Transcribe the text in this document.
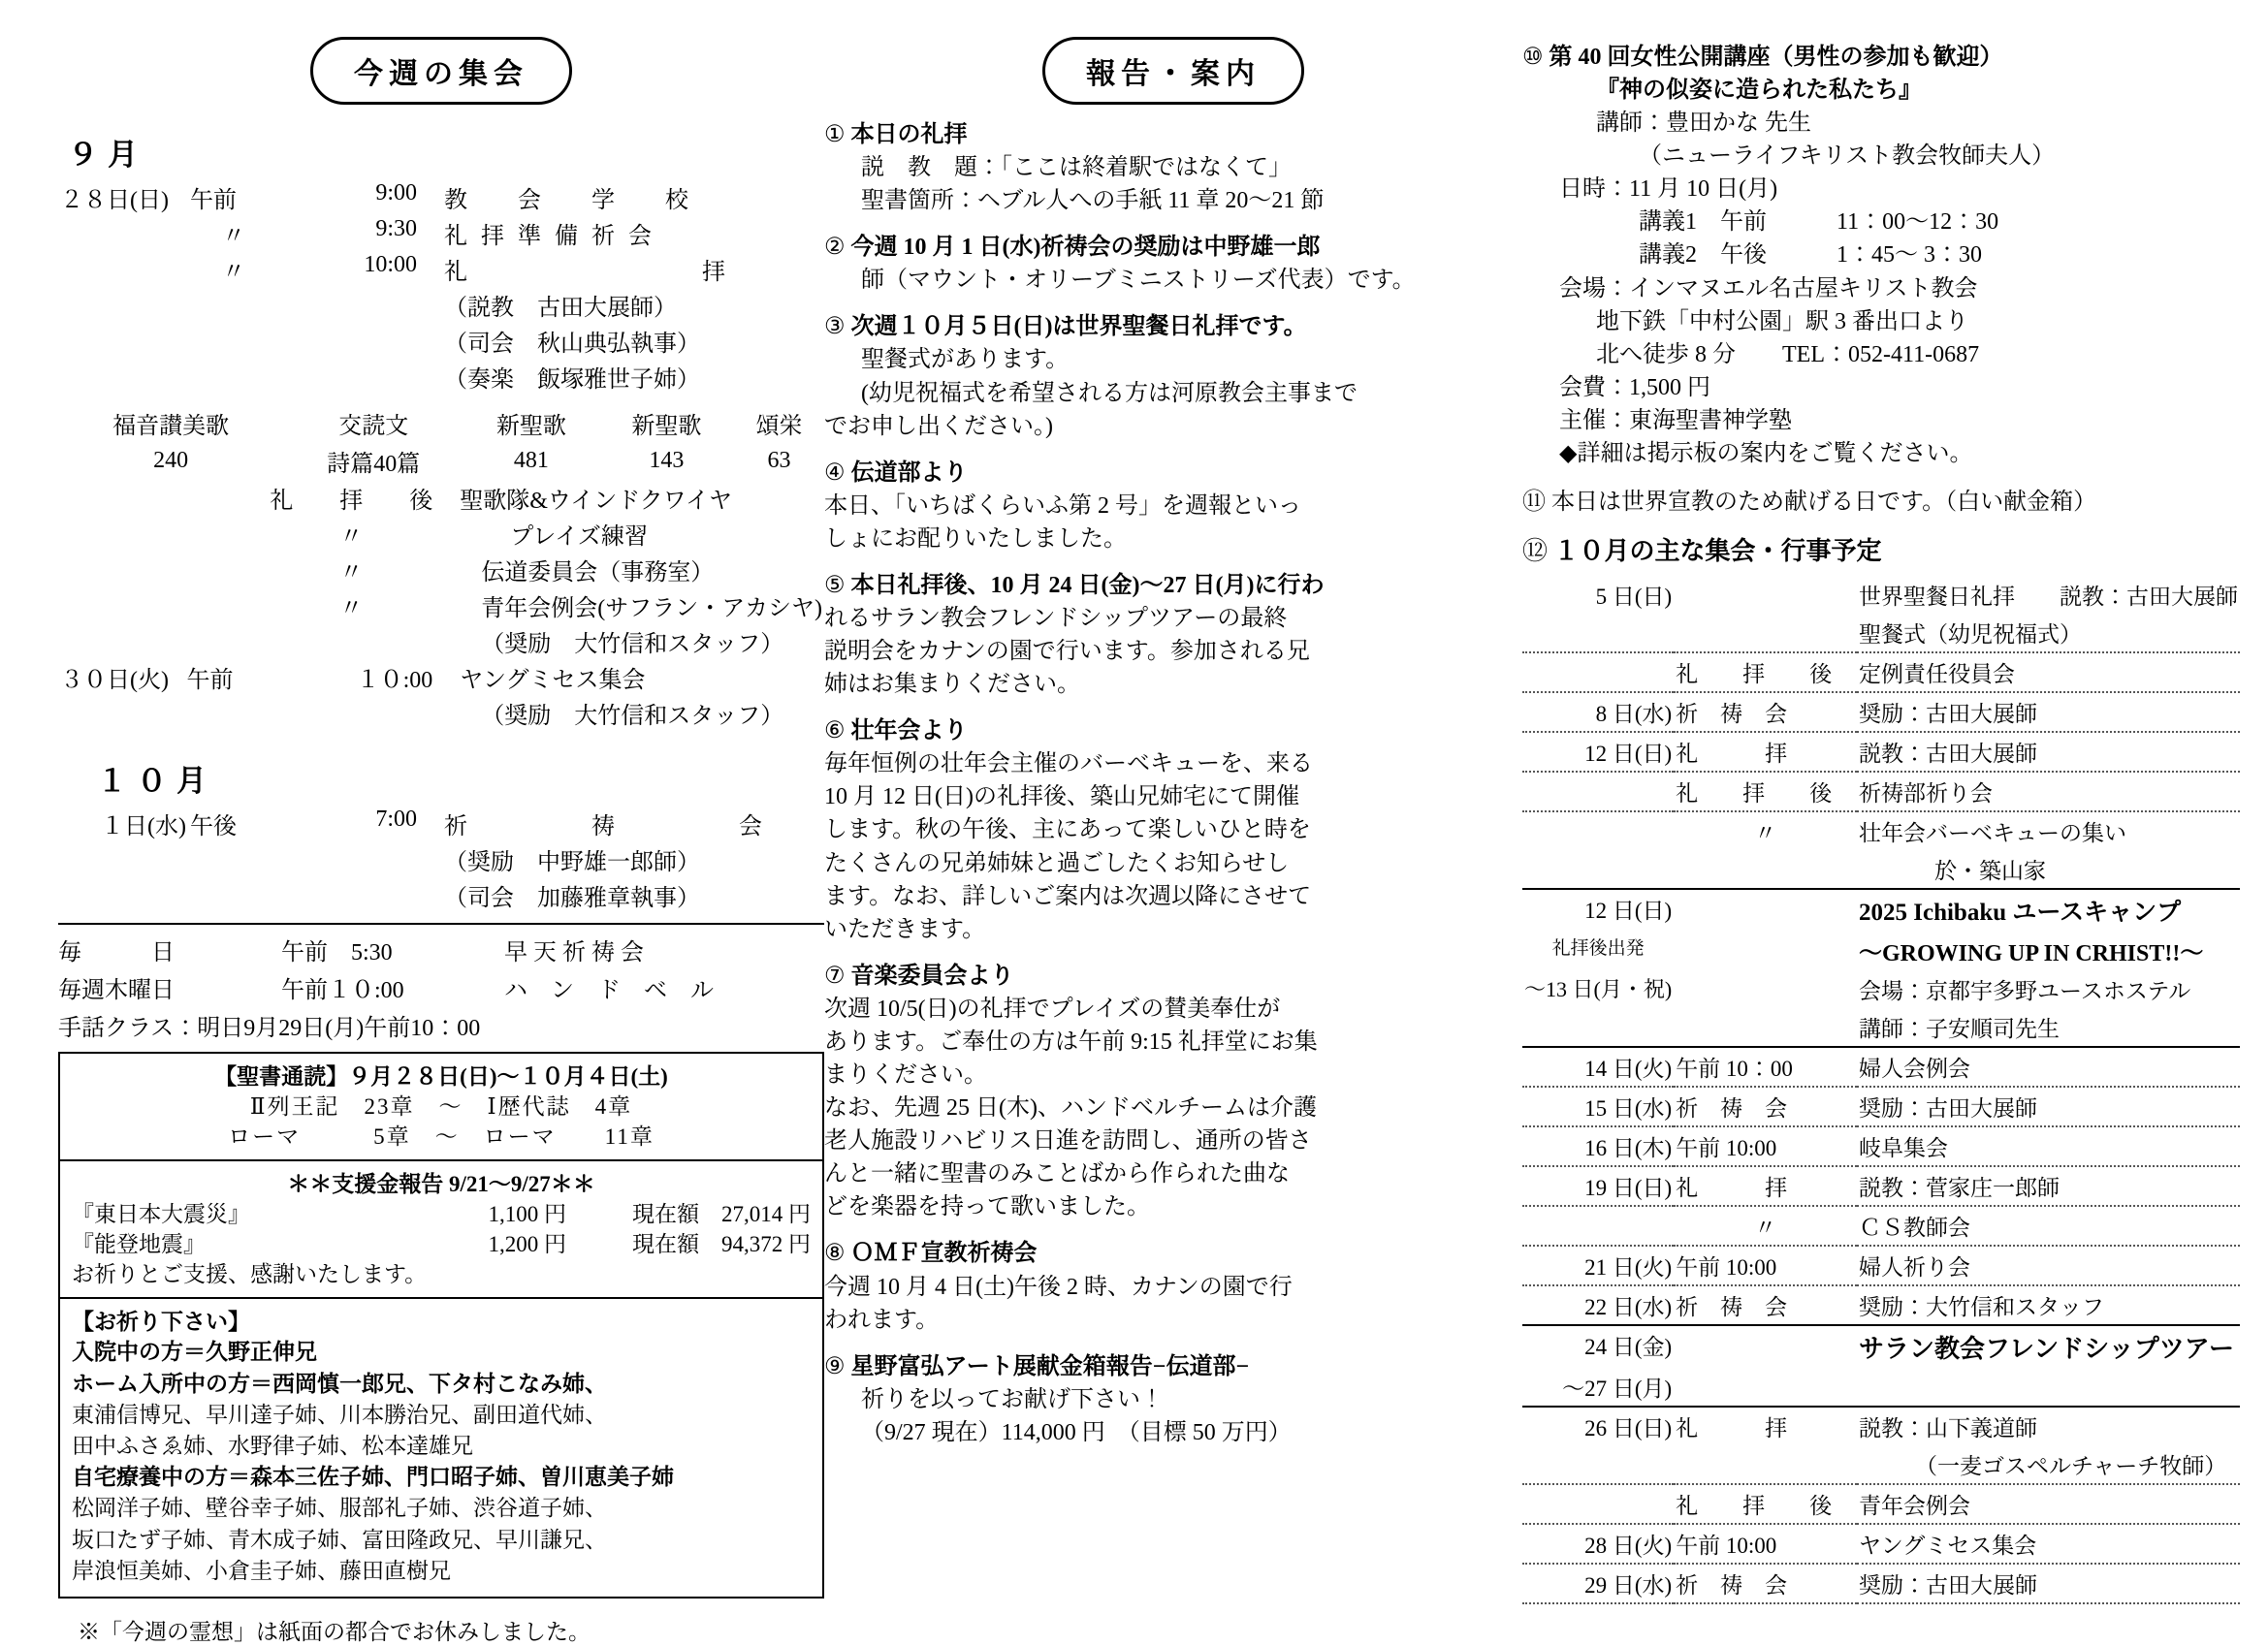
今週の集会
９月
２８日(日)	午前	9:00	教　会　学　校
	〃	9:30	礼 拝 準 備 祈 会
	〃	10:00	礼　　　　　　拝
			（説教　古田大展師）
			（司会　秋山典弘執事）
			（奏楽　飯塚雅世子姉）
福音讃美歌	交読文	新聖歌	新聖歌	頌栄
240	詩篇40篇	481	143	63
		礼　　拝　　後	聖歌隊&ウインドクワイヤ
		〃	プレイズ練習
		〃	伝道委員会（事務室）
		〃	青年会例会(サフラン・アカシヤ)
			（奨励　大竹信和スタッフ）
３０日(火)	午前	１０:00	ヤングミセス集会
			（奨励　大竹信和スタッフ）
１０月
１日(水)	午後	7:00	祈　　　祷　　　会
			（奨励　中野雄一郎師）
			（司会　加藤雅章執事）
毎　　　日	午前　5:30	早 天 祈 祷 会
毎週木曜日	午前１０:00	ハ　ン　ド　ベ　ル
手話クラス：明日9月29日(月)午前10：00
【聖書通読】９月２８日(日)〜１０月４日(土)
Ⅱ列王記　23章　〜　Ⅰ歴代誌　4章
ローマ　　　5章　〜　ローマ　　11章
＊＊支援金報告 9/21〜9/27＊＊
『東日本大震災』	1,100 円	現在額　27,014 円
『能登地震』	1,200 円	現在額　94,372 円
お祈りとご支援、感謝いたします。
【お祈り下さい】
入院中の方＝久野正伸兄
ホーム入所中の方＝西岡慎一郎兄、下タ村こなみ姉、
東浦信博兄、早川達子姉、川本勝治兄、副田道代姉、
田中ふさゑ姉、水野律子姉、松本達雄兄
自宅療養中の方＝森本三佐子姉、門口昭子姉、曽川恵美子姉
松岡洋子姉、壁谷幸子姉、服部礼子姉、渋谷道子姉、
坂口たず子姉、青木成子姉、富田隆政兄、早川謙兄、
岸浪恒美姉、小倉圭子姉、藤田直樹兄
※「今週の霊想」は紙面の都合でお休みしました。
報告・案内
① 本日の礼拝
説　教　題：「ここは終着駅ではなくて」
聖書箇所：ヘブル人への手紙 11 章 20〜21 節
② 今週 10 月 1 日(水)祈祷会の奨励は中野雄一郎
師（マウント・オリーブミニストリーズ代表）です。
③ 次週１０月５日(日)は世界聖餐日礼拝です。
聖餐式があります。
(幼児祝福式を希望される方は河原教会主事まで
でお申し出ください。)
④ 伝道部より
本日、「いちばくらいふ第 2 号」を週報といっ
しょにお配りいたしました。
⑤ 本日礼拝後、10 月 24 日(金)〜27 日(月)に行わ
れるサラン教会フレンドシップツアーの最終
説明会をカナンの園で行います。参加される兄
姉はお集まりください。
⑥ 壮年会より
毎年恒例の壮年会主催のバーベキューを、来る
10 月 12 日(日)の礼拝後、築山兄姉宅にて開催
します。秋の午後、主にあって楽しいひと時を
たくさんの兄弟姉妹と過ごしたくお知らせし
ます。なお、詳しいご案内は次週以降にさせて
いただきます。
⑦ 音楽委員会より
次週 10/5(日)の礼拝でプレイズの賛美奉仕が
あります。ご奉仕の方は午前 9:15 礼拝堂にお集
まりください。
なお、先週 25 日(木)、ハンドベルチームは介護
老人施設リハビリス日進を訪問し、通所の皆さ
んと一緒に聖書のみことばから作られた曲な
どを楽器を持って歌いました。
⑧ ＯＭＦ宣教祈祷会
今週 10 月 4 日(土)午後 2 時、カナンの園で行
われます。
⑨ 星野富弘アート展献金箱報告−伝道部−
祈りを以ってお献げ下さい！
（9/27 現在）114,000 円　（目標 50 万円）
⑩ 第 40 回女性公開講座（男性の参加も歓迎）
『神の似姿に造られた私たち』
講師：豊田かな 先生
（ニューライフキリスト教会牧師夫人）
日時：11 月 10 日(月)
講義1　午前　　　11：00〜12：30
講義2　午後　　　1：45〜 3：30
会場：インマヌエル名古屋キリスト教会
地下鉄「中村公園」駅 3 番出口より
北へ徒歩 8 分　　TEL：052-411-0687
会費：1,500 円
主催：東海聖書神学塾
◆詳細は掲示板の案内をご覧ください。
⑪ 本日は世界宣教のため献げる日です。（白い献金箱）
⑫ １０月の主な集会・行事予定
5 日(日)		世界聖餐日礼拝　　説教：古田大展師
		聖餐式（幼児祝福式）
	礼　　拝　　後	定例責任役員会
8 日(水)	祈　祷　会	奨励：古田大展師
12 日(日)	礼　　　拝	説教：古田大展師
	礼　　拝　　後	祈祷部祈り会
	〃	壮年会バーベキューの集い
		於・築山家
12 日(日)		2025 Ichibaku ユースキャンプ
礼拝後出発		〜GROWING UP IN CRHIST!!〜
〜13 日(月・祝)		会場：京都宇多野ユースホステル
		講師：子安順司先生
14 日(火)	午前 10：00	婦人会例会
15 日(水)	祈　祷　会	奨励：古田大展師
16 日(木)	午前 10:00	岐阜集会
19 日(日)	礼　　　拝	説教：菅家庄一郎師
	〃	ＣＳ教師会
21 日(火)	午前 10:00	婦人祈り会
22 日(水)	祈　祷　会	奨励：大竹信和スタッフ
24 日(金)		サラン教会フレンドシップツアー
〜27 日(月)		
26 日(日)	礼　　　拝	説教：山下義道師
		（一麦ゴスペルチャーチ牧師）
	礼　　拝　　後	青年会例会
28 日(火)	午前 10:00	ヤングミセス集会
29 日(水)	祈　祷　会	奨励：古田大展師
